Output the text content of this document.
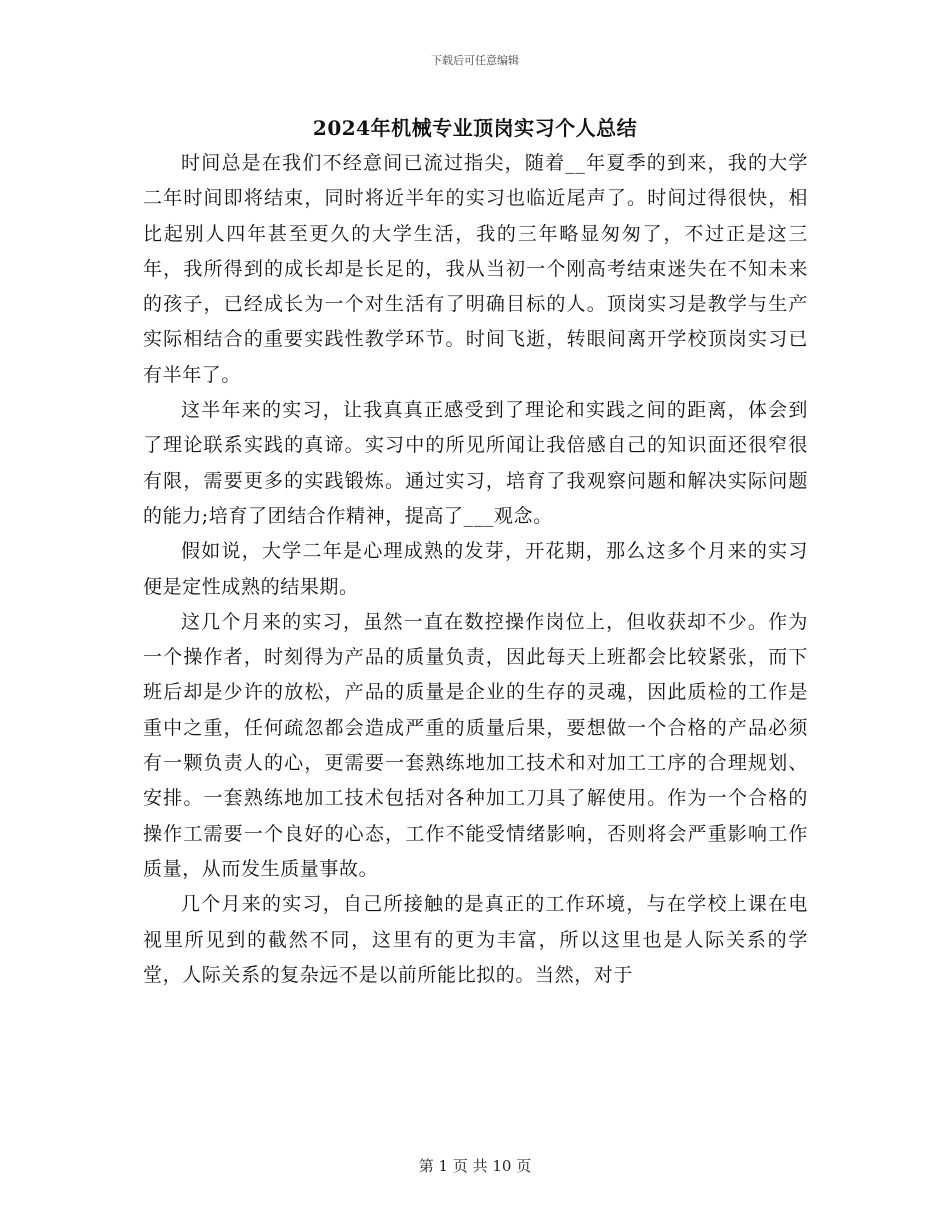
下载后可任意编辑
2024年机械专业顶岗实习个人总结

时间总是在我们不经意间已流过指尖，随着__年夏季的到来，我的大学二年时间即将结束，同时将近半年的实习也临近尾声了。时间过得很快，相比起别人四年甚至更久的大学生活，我的三年略显匆匆了，不过正是这三年，我所得到的成长却是长足的，我从当初一个刚高考结束迷失在不知未来的孩子，已经成长为一个对生活有了明确目标的人。顶岗实习是教学与生产实际相结合的重要实践性教学环节。时间飞逝，转眼间离开学校顶岗实习已有半年了。

这半年来的实习，让我真真正感受到了理论和实践之间的距离，体会到了理论联系实践的真谛。实习中的所见所闻让我倍感自己的知识面还很窄很有限，需要更多的实践锻炼。通过实习，培育了我观察问题和解决实际问题的能力;培育了团结合作精神，提高了___观念。

假如说，大学二年是心理成熟的发芽，开花期，那么这多个月来的实习便是定性成熟的结果期。

这几个月来的实习，虽然一直在数控操作岗位上，但收获却不少。作为一个操作者，时刻得为产品的质量负责，因此每天上班都会比较紧张，而下班后却是少许的放松，产品的质量是企业的生存的灵魂，因此质检的工作是重中之重，任何疏忽都会造成严重的质量后果，要想做一个合格的产品必须有一颗负责人的心，更需要一套熟练地加工技术和对加工工序的合理规划、安排。一套熟练地加工技术包括对各种加工刀具了解使用。作为一个合格的操作工需要一个良好的心态，工作不能受情绪影响，否则将会严重影响工作质量，从而发生质量事故。

几个月来的实习，自己所接触的是真正的工作环境，与在学校上课在电视里所见到的截然不同，这里有的更为丰富，所以这里也是人际关系的学堂，人际关系的复杂远不是以前所能比拟的。当然，对于

第 1 页 共 10 页
